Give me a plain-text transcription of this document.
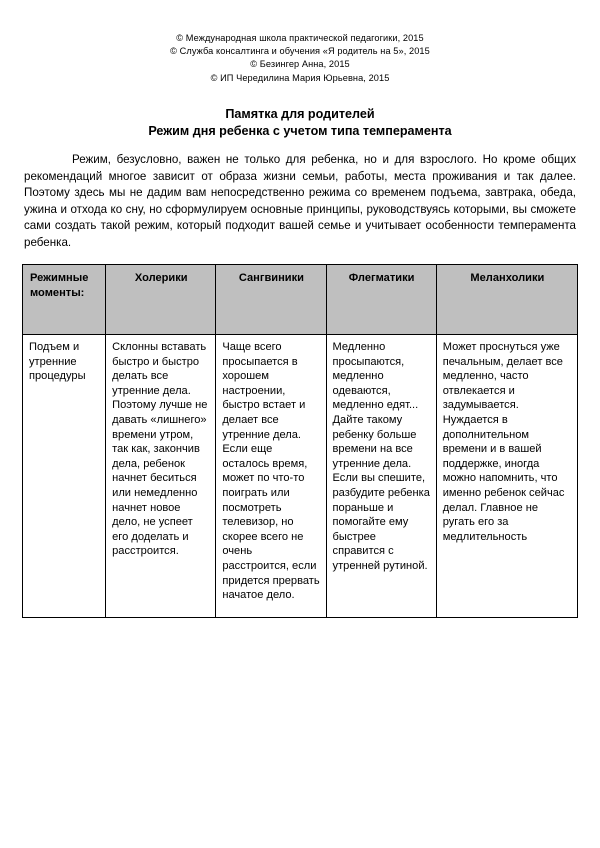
© Международная школа практической педагогики, 2015
© Служба консалтинга и обучения «Я родитель на 5», 2015
© Безингер Анна, 2015
© ИП Чередилина Мария Юрьевна, 2015
Памятка для родителей
Режим дня ребенка с учетом типа темперамента
Режим, безусловно, важен не только для ребенка, но и для взрослого. Но кроме общих рекомендаций многое зависит от образа жизни семьи, работы, места проживания и так далее. Поэтому здесь мы не дадим вам непосредственно режима со временем подъема, завтрака, обеда, ужина и отхода ко сну, но сформулируем основные принципы, руководствуясь которыми, вы сможете сами создать такой режим, который подходит вашей семье и учитывает особенности темперамента ребенка.
Режимные моменты:	Холерики	Сангвиники	Флегматики	Меланхолики
Подъем и утренние процедуры	Склонны вставать быстро и быстро делать все утренние дела. Поэтому лучше не давать «лишнего» времени утром, так как, закончив дела, ребенок начнет беситься или немедленно начнет новое дело, не успеет его доделать и расстроится.	Чаще всего просыпается в хорошем настроении, быстро встает и делает все утренние дела. Если еще осталось время, может по что-то поиграть или посмотреть телевизор, но скорее всего не очень расстроится, если придется прервать начатое дело.	Медленно просыпаются, медленно одеваются, медленно едят... Дайте такому ребенку больше времени на все утренние дела. Если вы спешите, разбудите ребенка пораньше и помогайте ему быстрее справится с утренней рутиной.	Может проснуться уже печальным, делает все медленно, часто отвлекается и задумывается. Нуждается в дополнительном времени и в вашей поддержке, иногда можно напомнить, что именно ребенок сейчас делал. Главное не ругать его за медлительность
